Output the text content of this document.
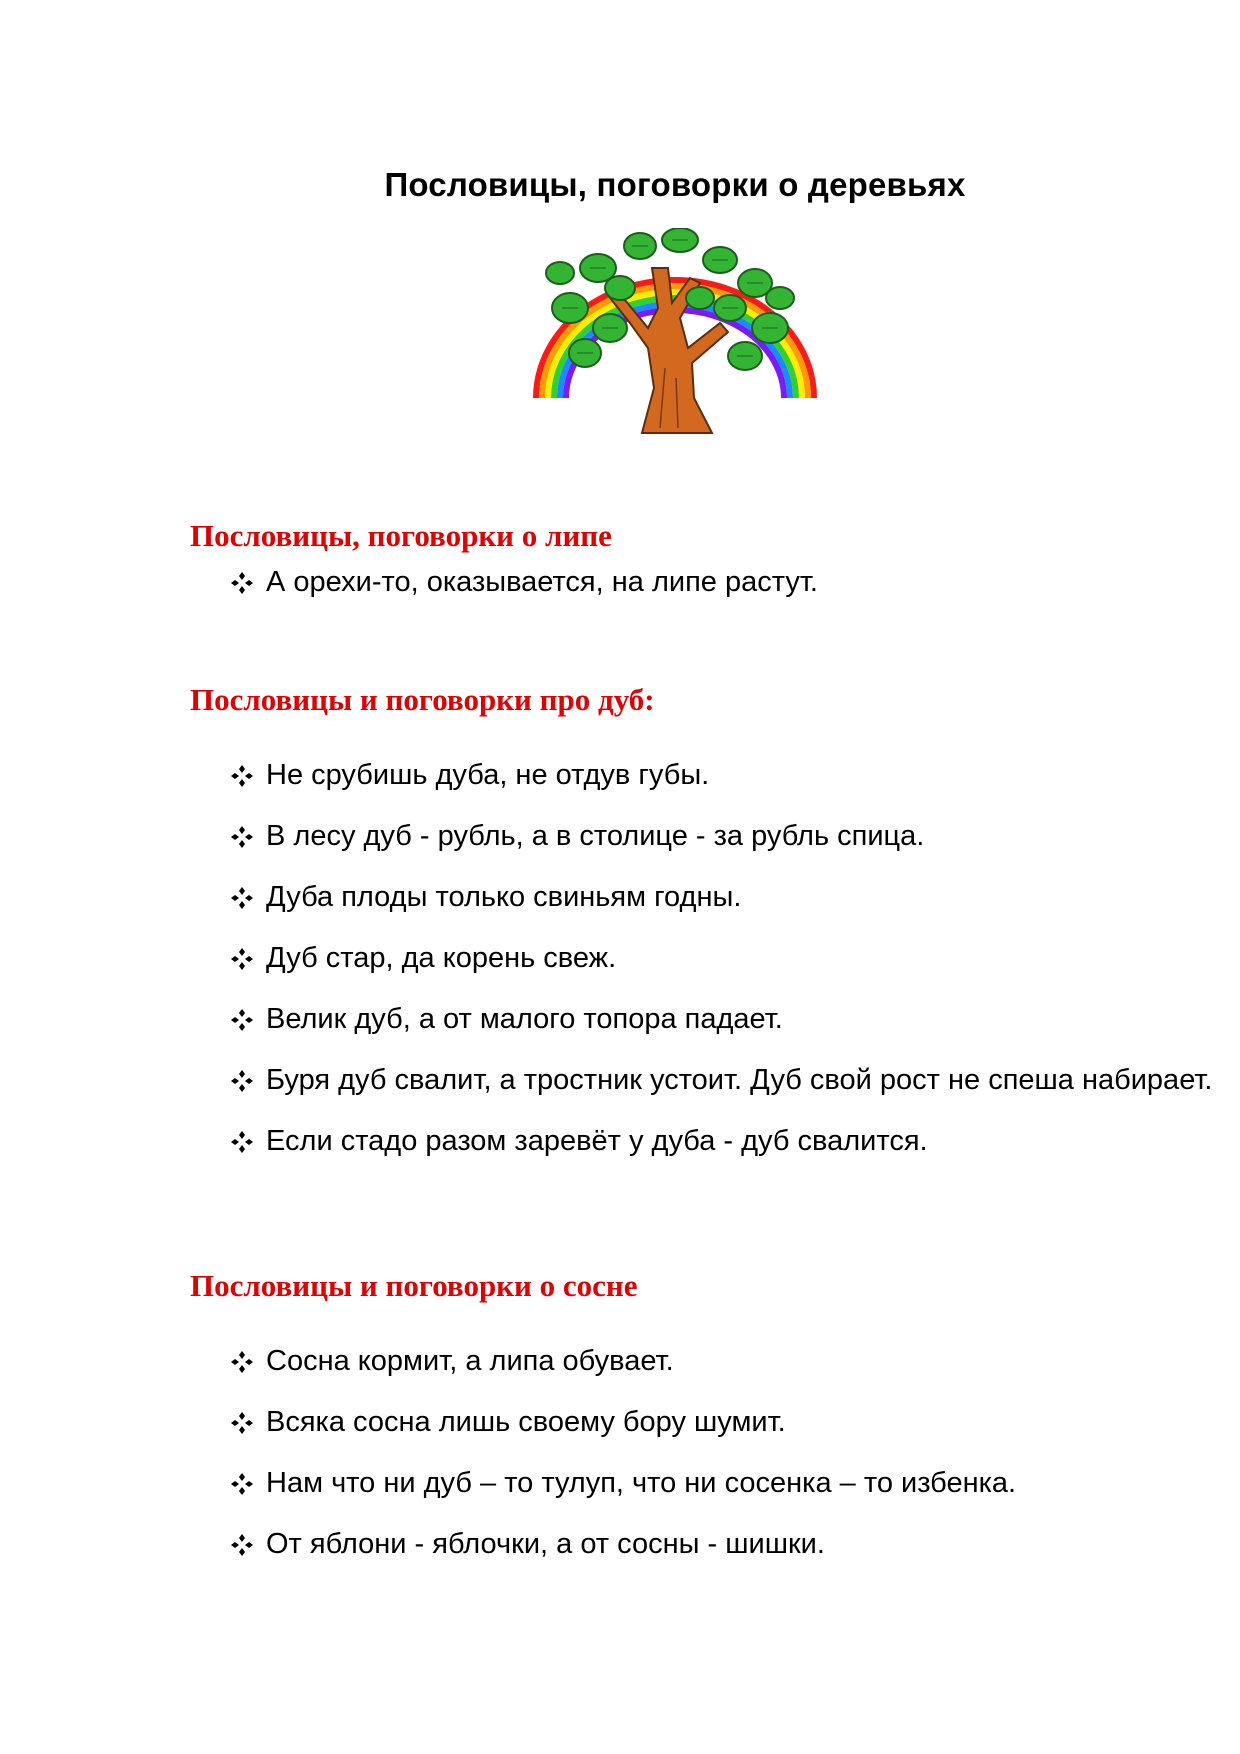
Пословицы, поговорки о деревьях
Пословицы, поговорки о липе
А орехи-то, оказывается, на липе растут.
Пословицы и поговорки про дуб:
Не срубишь дуба, не отдув губы.
В лесу дуб - рубль, а в столице - за рубль спица.
Дуба плоды только свиньям годны.
Дуб стар, да корень свеж.
Велик дуб, а от малого топора падает.
Буря дуб свалит, а тростник устоит. Дуб свой рост не спеша набирает.
Если стадо разом заревёт у дуба - дуб свалится.
Пословицы и поговорки о сосне
Сосна кормит, а липа обувает.
Всяка сосна лишь своему бору шумит.
Нам что ни дуб – то тулуп, что ни сосенка – то избенка.
От яблони - яблочки, а от сосны - шишки.
